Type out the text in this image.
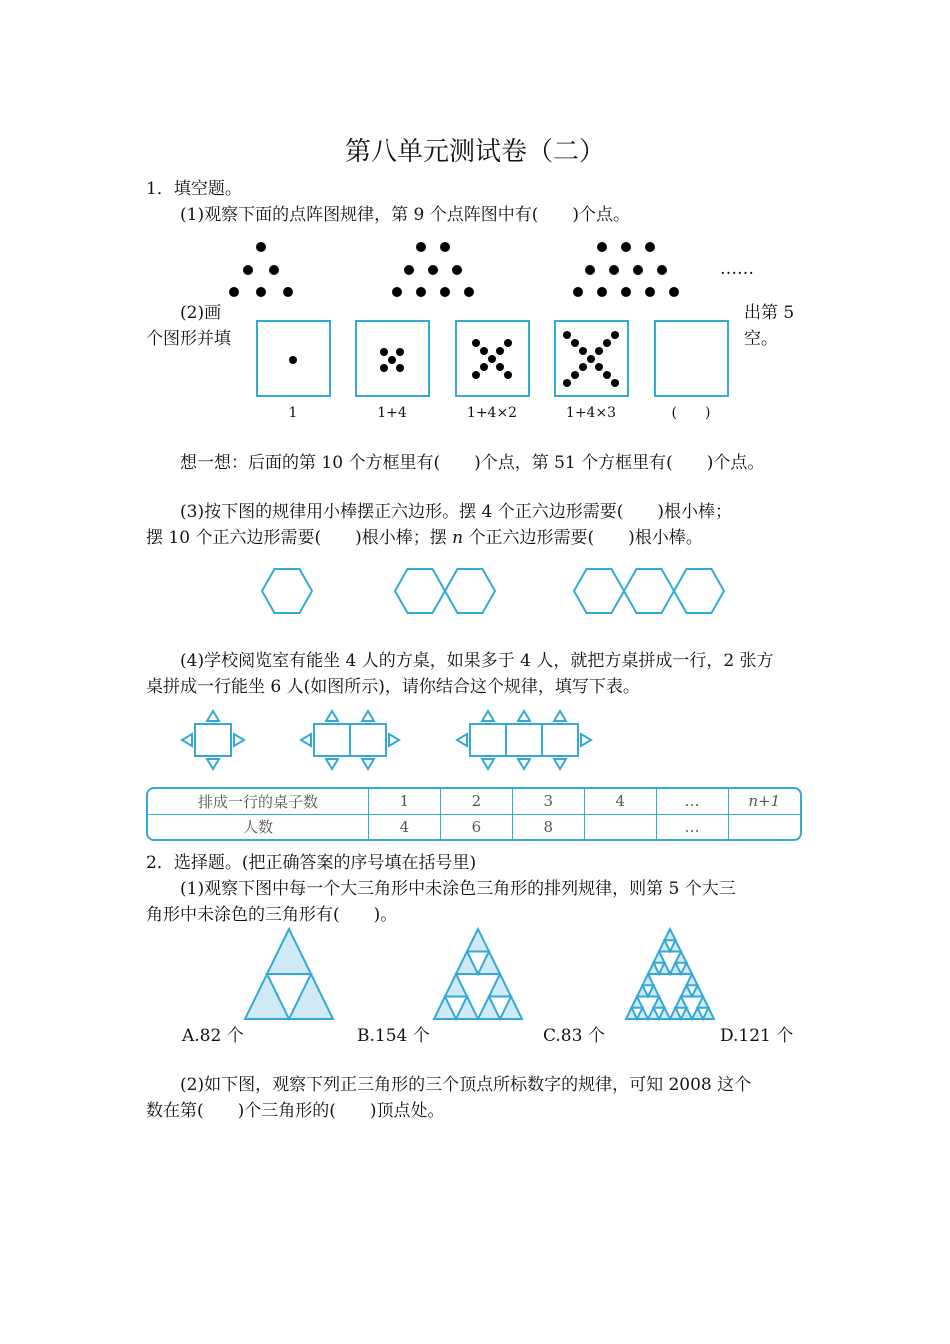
第八单元测试卷（二）
1．填空题。
(1)观察下面的点阵图规律，第 9 个点阵图中有(　　)个点。
……
(2)画
个图形并填
出第 5
空。
1	1+4	1+4×2	1+4×3	(　　)
想一想：后面的第 10 个方框里有(　　)个点，第 51 个方框里有(　　)个点。
(3)按下图的规律用小棒摆正六边形。摆 4 个正六边形需要(　　)根小棒；
摆 10 个正六边形需要(　　)根小棒；摆 n 个正六边形需要(　　)根小棒。
(4)学校阅览室有能坐 4 人的方桌，如果多于 4 人，就把方桌拼成一行，2 张方
桌拼成一行能坐 6 人(如图所示)，请你结合这个规律，填写下表。
排成一行的桌子数	1	2	3	4	…	n+1
人数	4	6	8		…	
2．选择题。(把正确答案的序号填在括号里)
(1)观察下图中每一个大三角形中未涂色三角形的排列规律，则第 5 个大三
角形中未涂色的三角形有(　　)。
A.82 个	B.154 个	C.83 个	D.121 个
(2)如下图，观察下列正三角形的三个顶点所标数字的规律，可知 2008 这个
数在第(　　)个三角形的(　　)顶点处。
